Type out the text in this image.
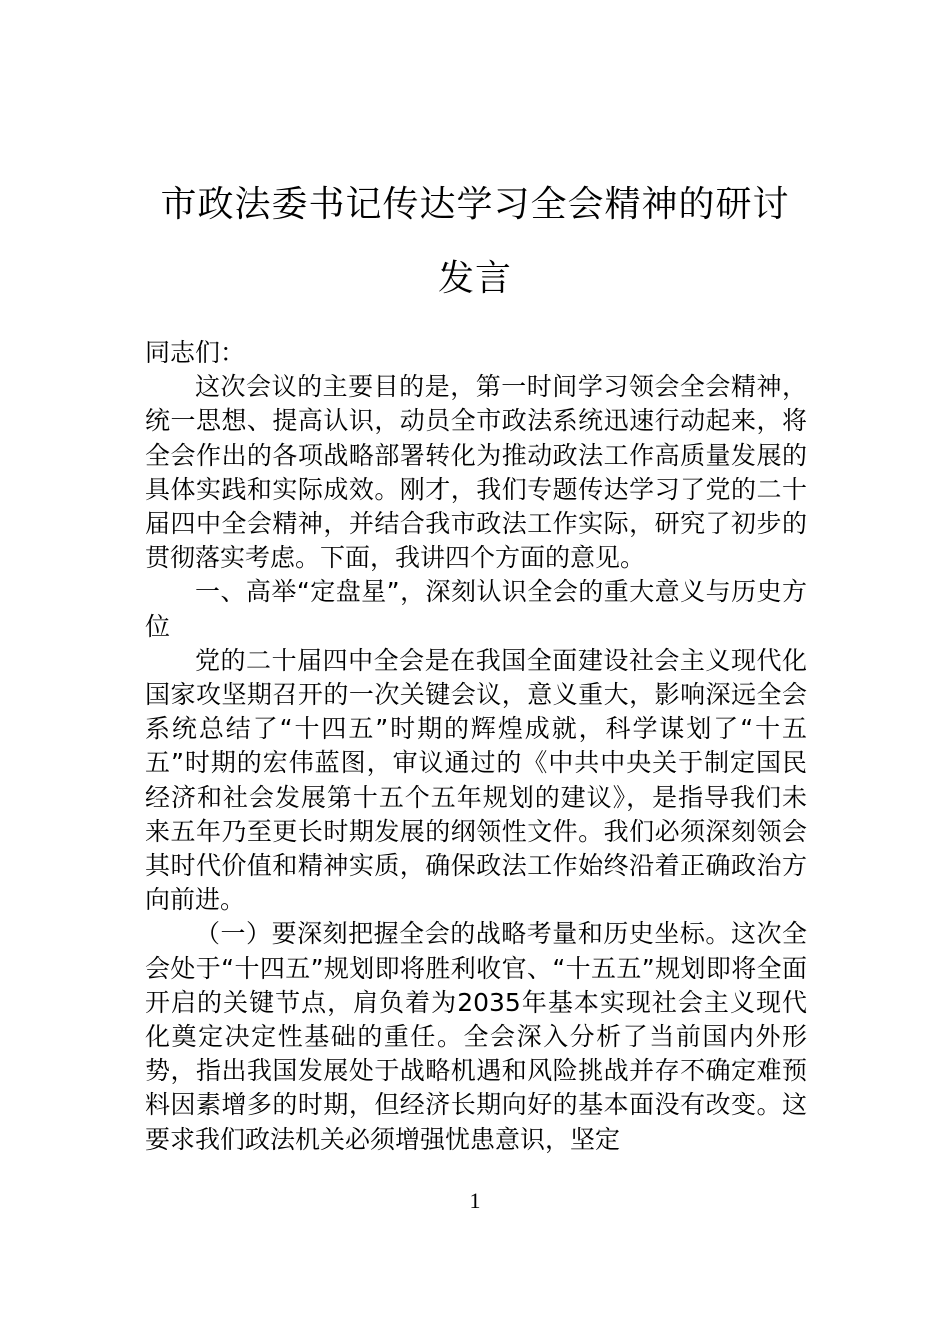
市政法委书记传达学习全会精神的研讨发言

同志们：

这次会议的主要目的是，第一时间学习领会全会精神，统一思想、提高认识，动员全市政法系统迅速行动起来，将全会作出的各项战略部署转化为推动政法工作高质量发展的具体实践和实际成效。刚才，我们专题传达学习了党的二十届四中全会精神，并结合我市政法工作实际，研究了初步的贯彻落实考虑。下面，我讲四个方面的意见。

一、高举“定盘星”，深刻认识全会的重大意义与历史方位

党的二十届四中全会是在我国全面建设社会主义现代化国家攻坚期召开的一次关键会议，意义重大，影响深远全会系统总结了“十四五”时期的辉煌成就，科学谋划了“十五五”时期的宏伟蓝图，审议通过的《中共中央关于制定国民经济和社会发展第十五个五年规划的建议》，是指导我们未来五年乃至更长时期发展的纲领性文件。我们必须深刻领会其时代价值和精神实质，确保政法工作始终沿着正确政治方向前进。

（一）要深刻把握全会的战略考量和历史坐标。这次全会处于“十四五”规划即将胜利收官、“十五五”规划即将全面开启的关键节点，肩负着为2035年基本实现社会主义现代化奠定决定性基础的重任。全会深入分析了当前国内外形势，指出我国发展处于战略机遇和风险挑战并存不确定难预料因素增多的时期，但经济长期向好的基本面没有改变。这要求我们政法机关必须增强忧患意识，坚定

1
